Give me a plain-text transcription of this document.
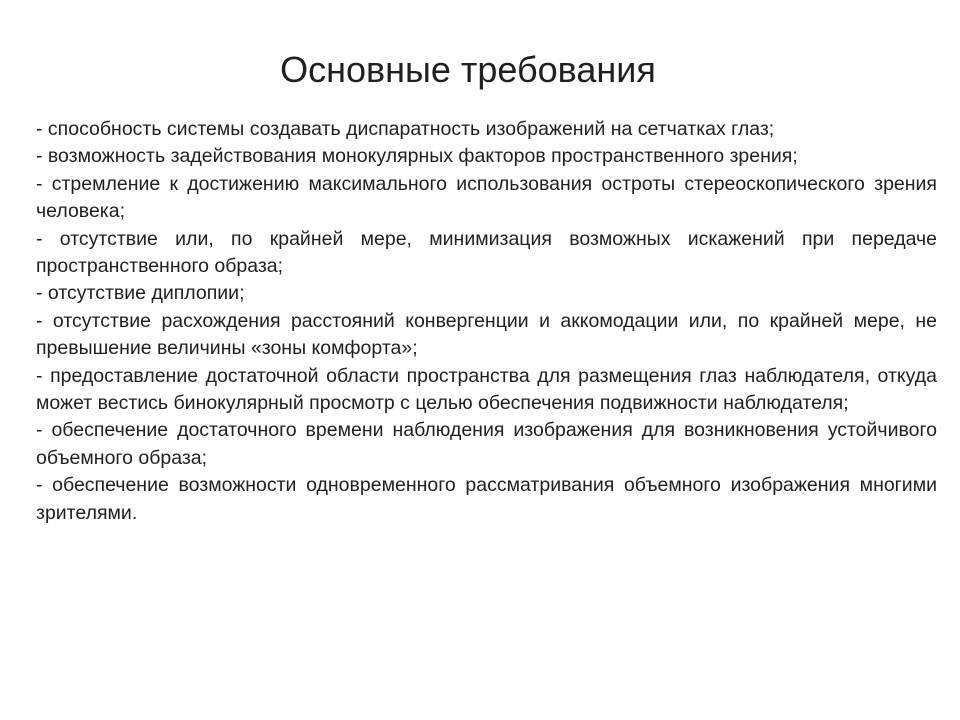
Основные требования
- способность системы создавать диспаратность изображений на сетчатках глаз;
- возможность задействования монокулярных факторов пространственного зрения;
- стремление к достижению максимального использования остроты стереоскопического зрения человека;
- отсутствие или, по крайней мере, минимизация возможных искажений при передаче пространственного образа;
- отсутствие диплопии;
- отсутствие расхождения расстояний конвергенции и аккомодации или, по крайней мере, не превышение величины «зоны комфорта»;
- предоставление достаточной области пространства для размещения глаз наблюдателя, откуда может вестись бинокулярный просмотр с целью обеспечения подвижности наблюдателя;
- обеспечение достаточного времени наблюдения изображения для возникновения устойчивого объемного образа;
- обеспечение возможности одновременного рассматривания объемного изображения многими зрителями.
